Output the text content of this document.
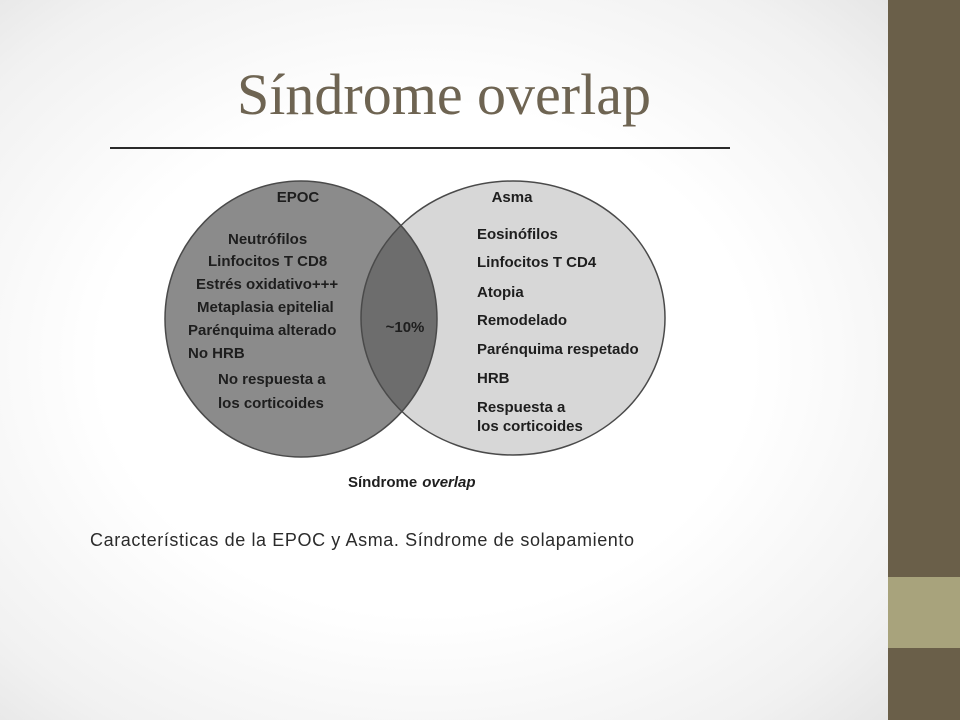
Síndrome overlap
EPOC	Asma
Neutrófilos
Linfocitos T CD8
Estrés oxidativo+++
Metaplasia epitelial
Parénquima alterado
No HRB
No respuesta a
los corticoides
~10%
Eosinófilos
Linfocitos T CD4
Atopia
Remodelado
Parénquima respetado
HRB
Respuesta a
los corticoides
Síndrome overlap
Características de la EPOC y Asma. Síndrome de solapamiento
